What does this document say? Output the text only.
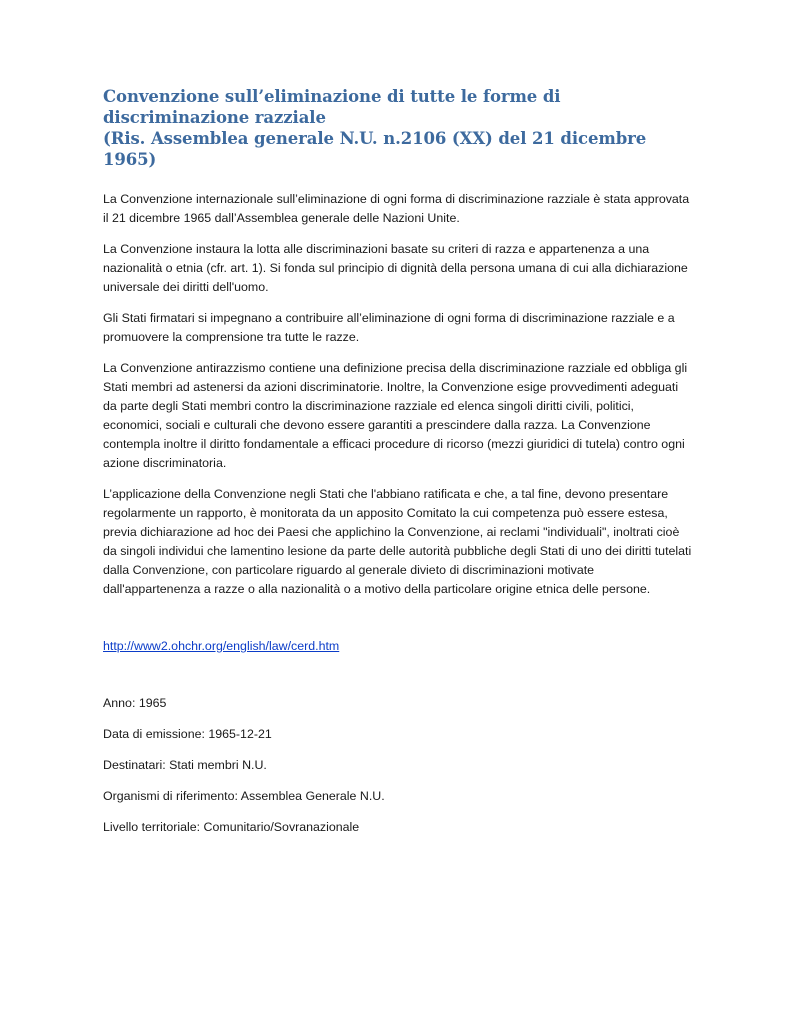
Convenzione sull’eliminazione di tutte le forme di discriminazione razziale
(Ris. Assemblea generale N.U. n.2106 (XX) del 21 dicembre 1965)

La Convenzione internazionale sull’eliminazione di ogni forma di discriminazione razziale è stata approvata il 21 dicembre 1965 dall’Assemblea generale delle Nazioni Unite.

La Convenzione instaura la lotta alle discriminazioni basate su criteri di razza e appartenenza a una nazionalità o etnia (cfr. art. 1). Si fonda sul principio di dignità della persona umana di cui alla dichiarazione universale dei diritti dell'uomo.

Gli Stati firmatari si impegnano a contribuire all’eliminazione di ogni forma di discriminazione razziale e a promuovere la comprensione tra tutte le razze.

La Convenzione antirazzismo contiene una definizione precisa della discriminazione razziale ed obbliga gli Stati membri ad astenersi da azioni discriminatorie. Inoltre, la Convenzione esige provvedimenti adeguati da parte degli Stati membri contro la discriminazione razziale ed elenca singoli diritti civili, politici, economici, sociali e culturali che devono essere garantiti a prescindere dalla razza. La Convenzione contempla inoltre il diritto fondamentale a efficaci procedure di ricorso (mezzi giuridici di tutela) contro ogni azione discriminatoria.

L’applicazione della Convenzione negli Stati che l'abbiano ratificata e che, a tal fine, devono presentare regolarmente un rapporto, è monitorata da un apposito Comitato la cui competenza può essere estesa, previa dichiarazione ad hoc dei Paesi che applichino la Convenzione, ai reclami "individuali", inoltrati cioè da singoli individui che lamentino lesione da parte delle autorità pubbliche degli Stati di uno dei diritti tutelati dalla Convenzione, con particolare riguardo al generale divieto di discriminazioni motivate dall'appartenenza a razze o alla nazionalità o a motivo della particolare origine etnica delle persone.

http://www2.ohchr.org/english/law/cerd.htm

Anno: 1965

Data di emissione: 1965-12-21

Destinatari: Stati membri N.U.

Organismi di riferimento: Assemblea Generale N.U.

Livello territoriale: Comunitario/Sovranazionale
